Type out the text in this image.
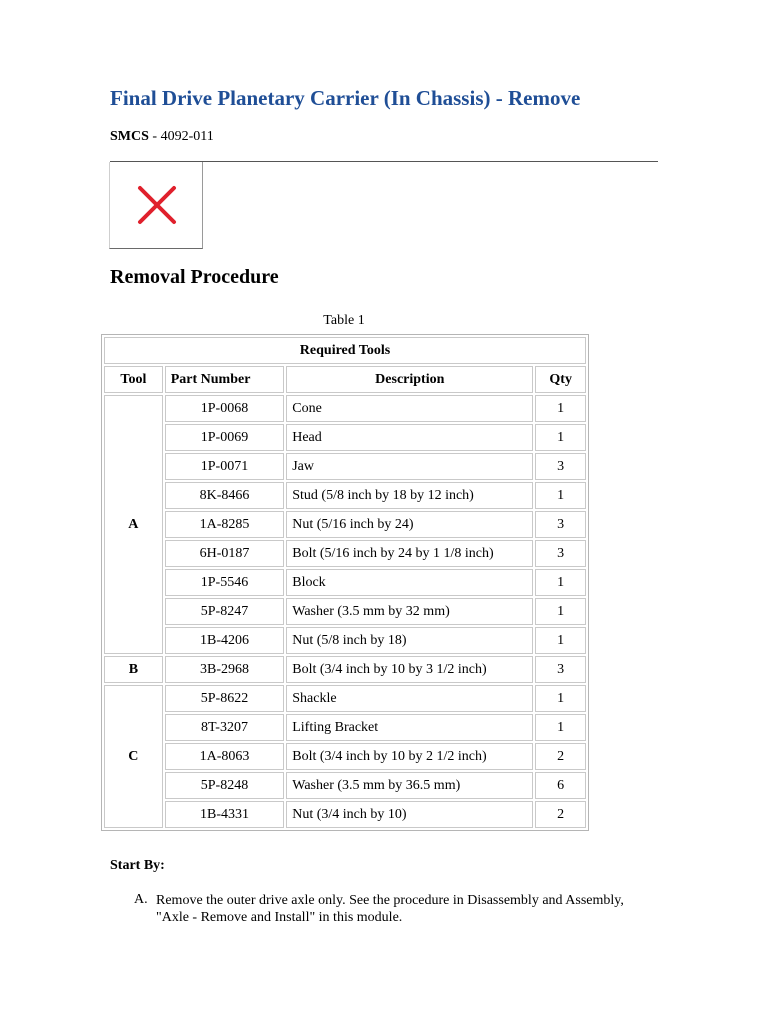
Final Drive Planetary Carrier (In Chassis) - Remove
SMCS - 4092-011
Removal Procedure
Table 1
Required Tools			
Tool	Part Number	Description	Qty
A	1P-0068	Cone	1
	1P-0069	Head	1
	1P-0071	Jaw	3
	8K-8466	Stud (5/8 inch by 18 by 12 inch)	1
	1A-8285	Nut (5/16 inch by 24)	3
	6H-0187	Bolt (5/16 inch by 24 by 1 1/8 inch)	3
	1P-5546	Block	1
	5P-8247	Washer (3.5 mm by 32 mm)	1
	1B-4206	Nut (5/8 inch by 18)	1
B	3B-2968	Bolt (3/4 inch by 10 by 3 1/2 inch)	3
C	5P-8622	Shackle	1
	8T-3207	Lifting Bracket	1
	1A-8063	Bolt (3/4 inch by 10 by 2 1/2 inch)	2
	5P-8248	Washer (3.5 mm by 36.5 mm)	6
	1B-4331	Nut (3/4 inch by 10)	2
Start By:
A. Remove the outer drive axle only. See the procedure in Disassembly and Assembly, "Axle - Remove and Install" in this module.
